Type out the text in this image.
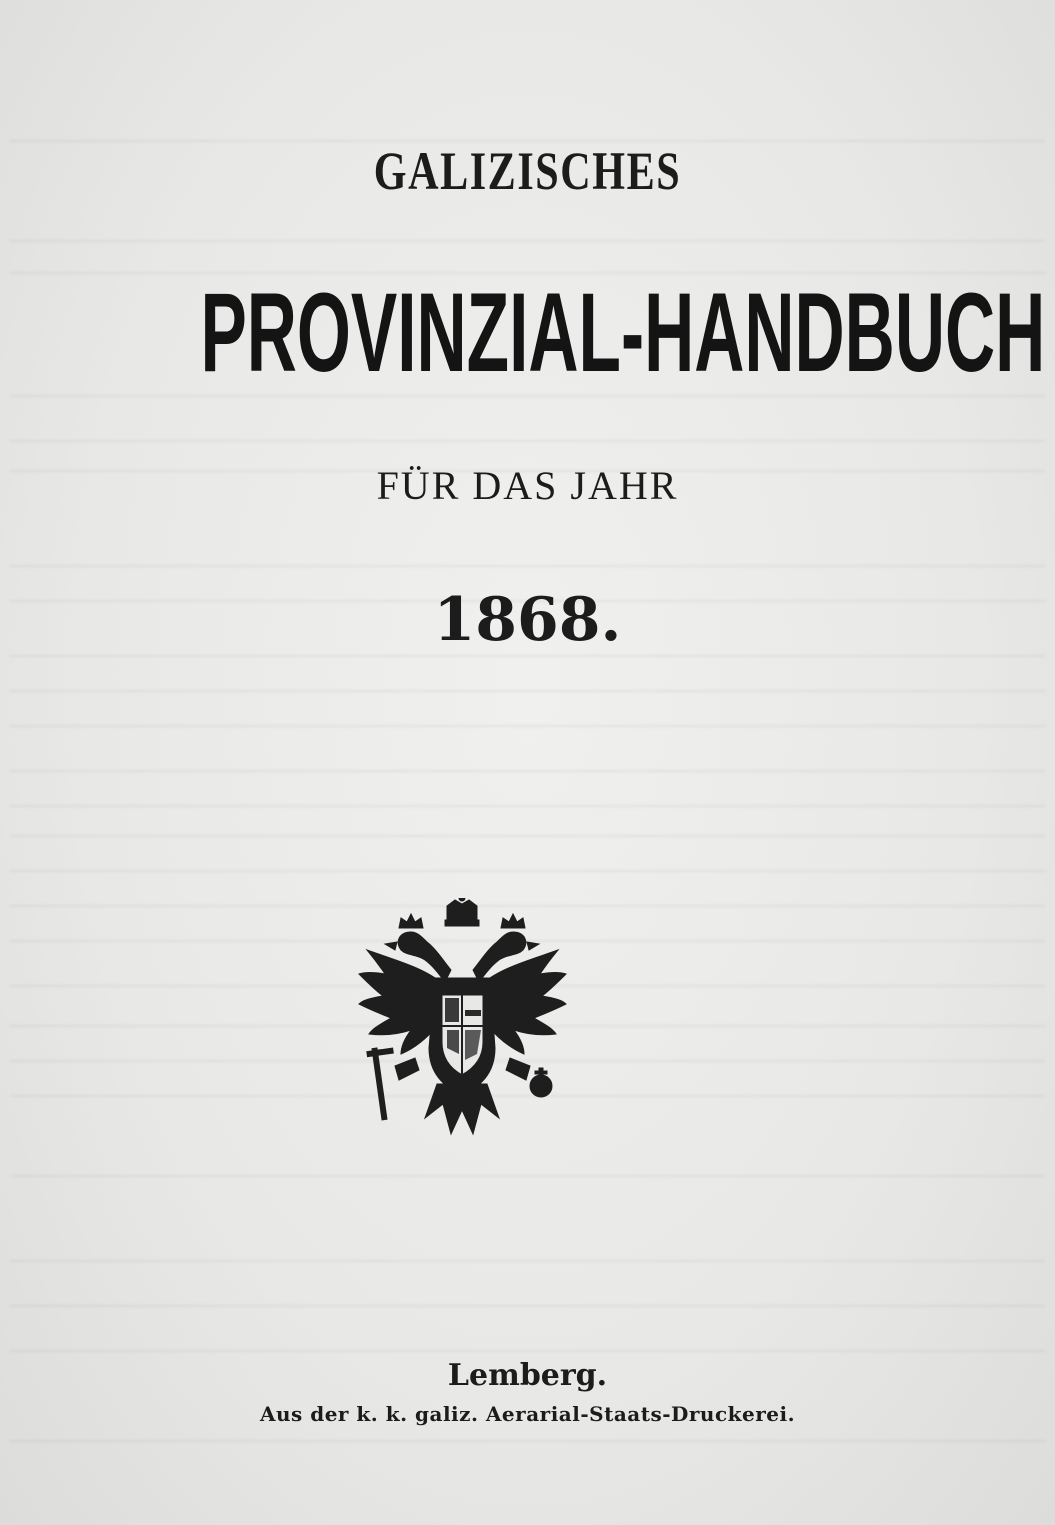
GALIZISCHES
PROVINZIAL-HANDBUCH
FÜR DAS JAHR
1868.
Lemberg.
Aus der k. k. galiz. Aerarial-Staats-Druckerei.
